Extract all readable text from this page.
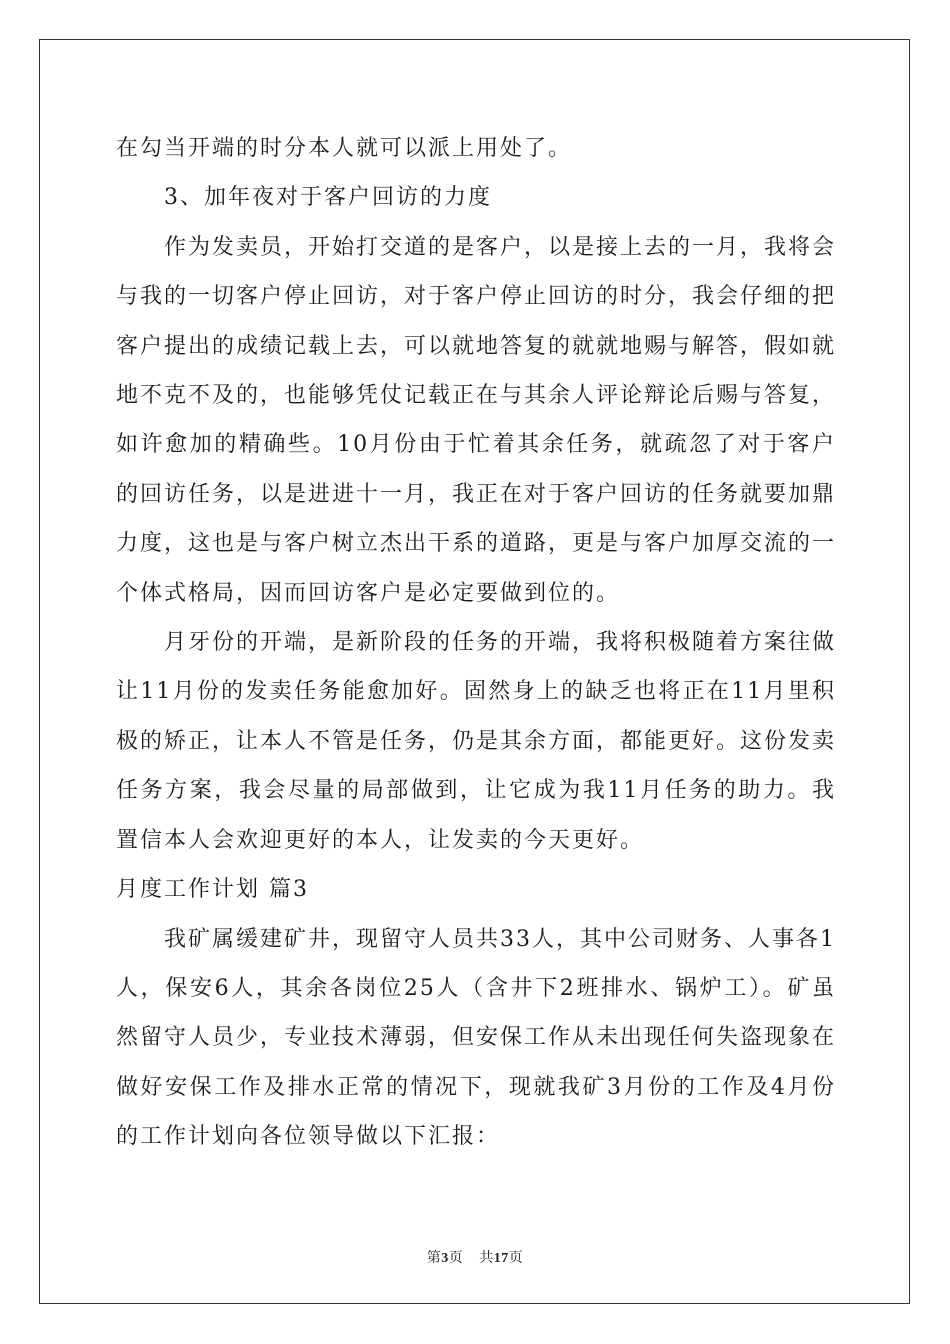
在勾当开端的时分本人就可以派上用处了。

3、加年夜对于客户回访的力度

作为发卖员，开始打交道的是客户，以是接上去的一月，我将会与我的一切客户停止回访，对于客户停止回访的时分，我会仔细的把客户提出的成绩记载上去，可以就地答复的就就地赐与解答，假如就地不克不及的，也能够凭仗记载正在与其余人评论辩论后赐与答复，如许愈加的精确些。10月份由于忙着其余任务，就疏忽了对于客户的回访任务，以是进进十一月，我正在对于客户回访的任务就要加鼎力度，这也是与客户树立杰出干系的道路，更是与客户加厚交流的一个体式格局，因而回访客户是必定要做到位的。

月牙份的开端，是新阶段的任务的开端，我将积极随着方案往做让11月份的发卖任务能愈加好。固然身上的缺乏也将正在11月里积极的矫正，让本人不管是任务，仍是其余方面，都能更好。这份发卖任务方案，我会尽量的局部做到，让它成为我11月任务的助力。我置信本人会欢迎更好的本人，让发卖的今天更好。

月度工作计划 篇3

我矿属缓建矿井，现留守人员共33人，其中公司财务、人事各1人，保安6人，其余各岗位25人（含井下2班排水、锅炉工）。矿虽然留守人员少，专业技术薄弱，但安保工作从未出现任何失盗现象在做好安保工作及排水正常的情况下，现就我矿3月份的工作及4月份的工作计划向各位领导做以下汇报：

第3页 共17页
